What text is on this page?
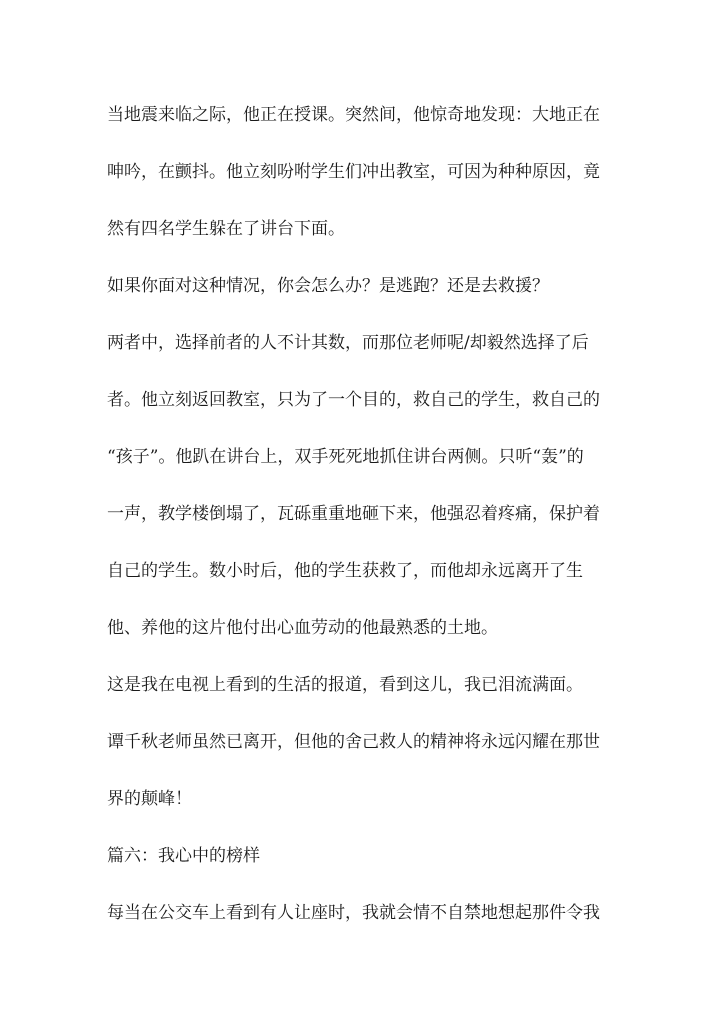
当地震来临之际，他正在授课。突然间，他惊奇地发现：大地正在
呻吟，在颤抖。他立刻吩咐学生们冲出教室，可因为种种原因，竟
然有四名学生躲在了讲台下面。
如果你面对这种情况，你会怎么办？是逃跑？还是去救援？
两者中，选择前者的人不计其数，而那位老师呢/却毅然选择了后
者。他立刻返回教室，只为了一个目的，救自己的学生，救自己的
“孩子”。他趴在讲台上，双手死死地抓住讲台两侧。只听“轰”的
一声，教学楼倒塌了，瓦砾重重地砸下来，他强忍着疼痛，保护着
自己的学生。数小时后，他的学生获救了，而他却永远离开了生
他、养他的这片他付出心血劳动的他最熟悉的土地。
这是我在电视上看到的生活的报道，看到这儿，我已泪流满面。
谭千秋老师虽然已离开，但他的舍己救人的精神将永远闪耀在那世
界的颠峰！
篇六：我心中的榜样
每当在公交车上看到有人让座时，我就会情不自禁地想起那件令我
